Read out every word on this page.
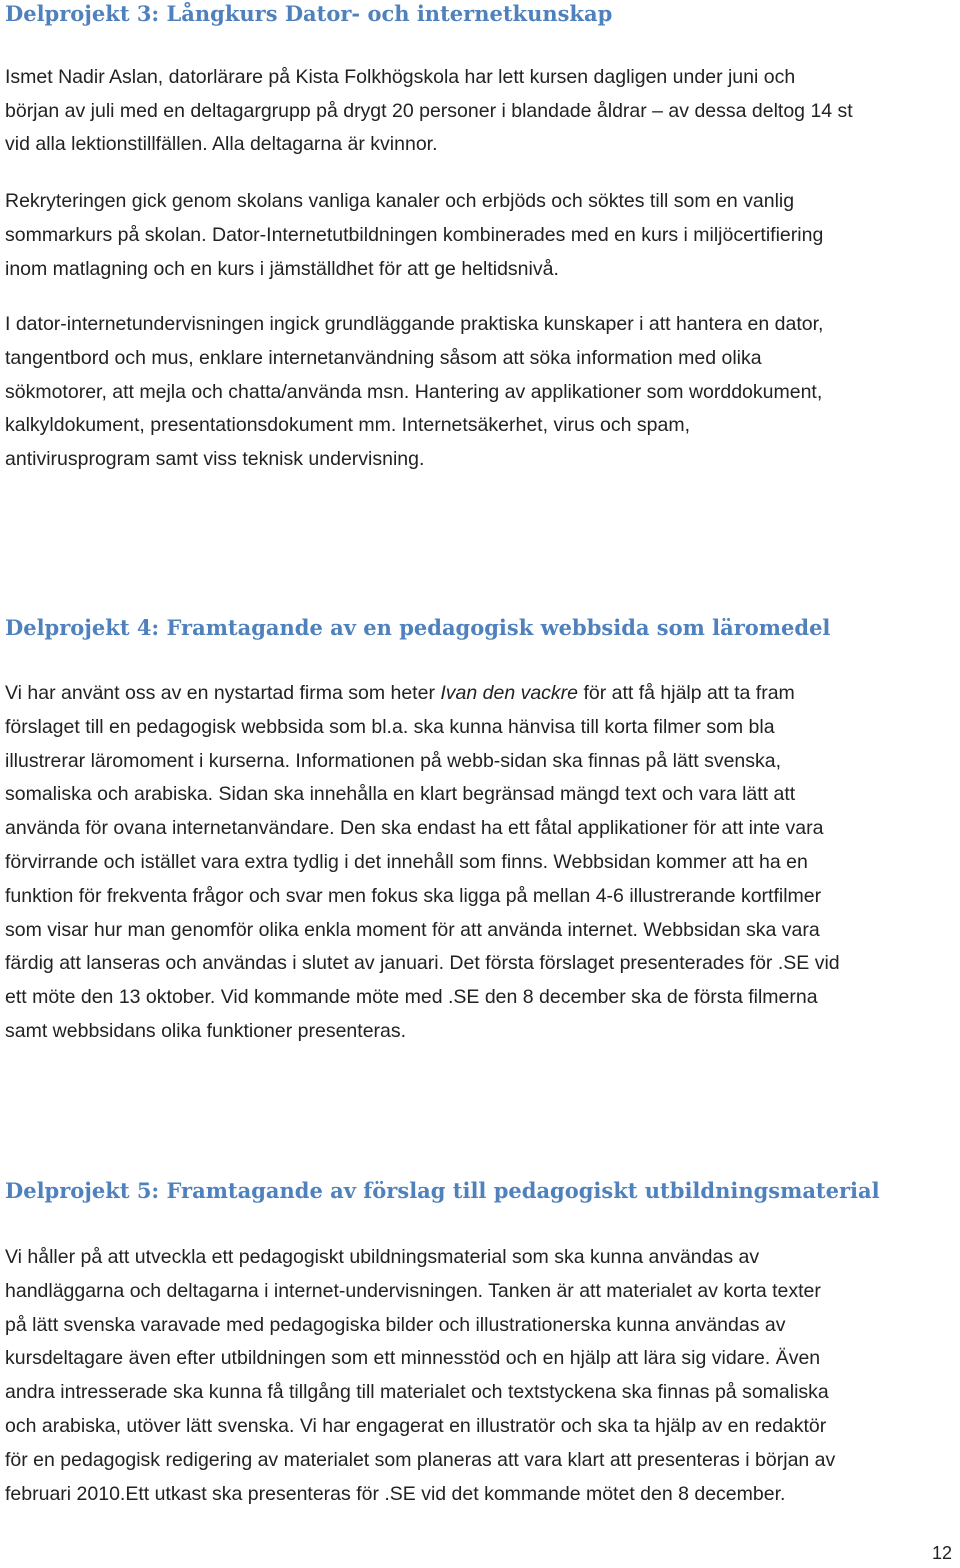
Delprojekt 3: Långkurs Dator- och internetkunskap

Ismet Nadir Aslan, datorlärare på Kista Folkhögskola har lett kursen dagligen under juni och
början av juli med en deltagargrupp på drygt 20 personer i blandade åldrar – av dessa deltog 14 st
vid alla lektionstillfällen. Alla deltagarna är kvinnor.

Rekryteringen gick genom skolans vanliga kanaler och erbjöds och söktes till som en vanlig
sommarkurs på skolan. Dator-Internetutbildningen kombinerades med en kurs i miljöcertifiering
inom matlagning och en kurs i jämställdhet för att ge heltidsnivå.

I dator-internetundervisningen ingick grundläggande praktiska kunskaper i att hantera en dator,
tangentbord och mus, enklare internetanvändning såsom att söka information med olika
sökmotorer, att mejla och chatta/använda msn. Hantering av applikationer som worddokument,
kalkyldokument, presentationsdokument mm. Internetsäkerhet, virus och spam,
antivirusprogram samt viss teknisk undervisning.

Delprojekt 4: Framtagande av en pedagogisk webbsida som läromedel

Vi har använt oss av en nystartad firma som heter Ivan den vackre för att få hjälp att ta fram
förslaget till en pedagogisk webbsida som bl.a. ska kunna hänvisa till korta filmer som bla
illustrerar läromoment i kurserna. Informationen på webb-sidan ska finnas på lätt svenska,
somaliska och arabiska. Sidan ska innehålla en klart begränsad mängd text och vara lätt att
använda för ovana internetanvändare. Den ska endast ha ett fåtal applikationer för att inte vara
förvirrande och istället vara extra tydlig i det innehåll som finns. Webbsidan kommer att ha en
funktion för frekventa frågor och svar men fokus ska ligga på mellan 4-6 illustrerande kortfilmer
som visar hur man genomför olika enkla moment för att använda internet. Webbsidan ska vara
färdig att lanseras och användas i slutet av januari. Det första förslaget presenterades för .SE vid
ett möte den 13 oktober. Vid kommande möte med .SE den 8 december ska de första filmerna
samt webbsidans olika funktioner presenteras.

Delprojekt 5: Framtagande av förslag till pedagogiskt utbildningsmaterial

Vi håller på att utveckla ett pedagogiskt ubildningsmaterial som ska kunna användas av
handläggarna och deltagarna i internet-undervisningen. Tanken är att materialet av korta texter
på lätt svenska varavade med pedagogiska bilder och illustrationerska kunna användas av
kursdeltagare även efter utbildningen som ett minnesstöd och en hjälp att lära sig vidare. Även
andra intresserade ska kunna få tillgång till materialet och textstyckena ska finnas på somaliska
och arabiska, utöver lätt svenska. Vi har engagerat en illustratör och ska ta hjälp av en redaktör
för en pedagogisk redigering av materialet som planeras att vara klart att presenteras i början av
februari 2010.Ett utkast ska presenteras för .SE vid det kommande mötet den 8 december.

12
